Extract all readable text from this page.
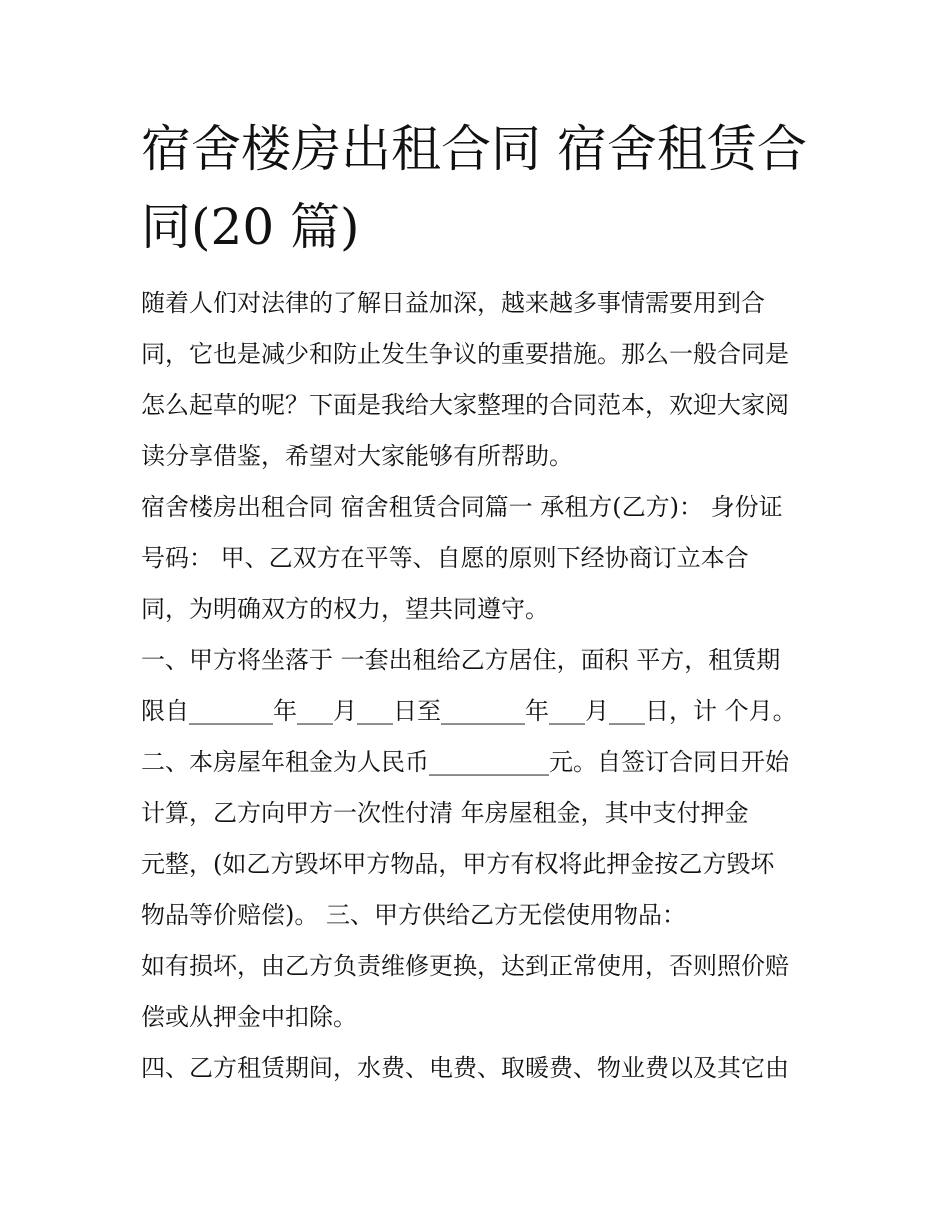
宿舍楼房出租合同 宿舍租赁合
同(20 篇)
随着人们对法律的了解日益加深，越来越多事情需要用到合
同，它也是减少和防止发生争议的重要措施。那么一般合同是
怎么起草的呢？下面是我给大家整理的合同范本，欢迎大家阅
读分享借鉴，希望对大家能够有所帮助。
宿舍楼房出租合同 宿舍租赁合同篇一 承租方(乙方)： 身份证
号码： 甲、乙双方在平等、自愿的原则下经协商订立本合
同，为明确双方的权力，望共同遵守。
一、甲方将坐落于 一套出租给乙方居住，面积 平方，租赁期
限自_______年___月___日至_______年___月___日，计 个月。
二、本房屋年租金为人民币__________元。自签订合同日开始
计算，乙方向甲方一次性付清 年房屋租金，其中支付押金
元整，(如乙方毁坏甲方物品，甲方有权将此押金按乙方毁坏
物品等价赔偿)。 三、甲方供给乙方无偿使用物品：
如有损坏，由乙方负责维修更换，达到正常使用，否则照价赔
偿或从押金中扣除。
四、乙方租赁期间，水费、电费、取暖费、物业费以及其它由
